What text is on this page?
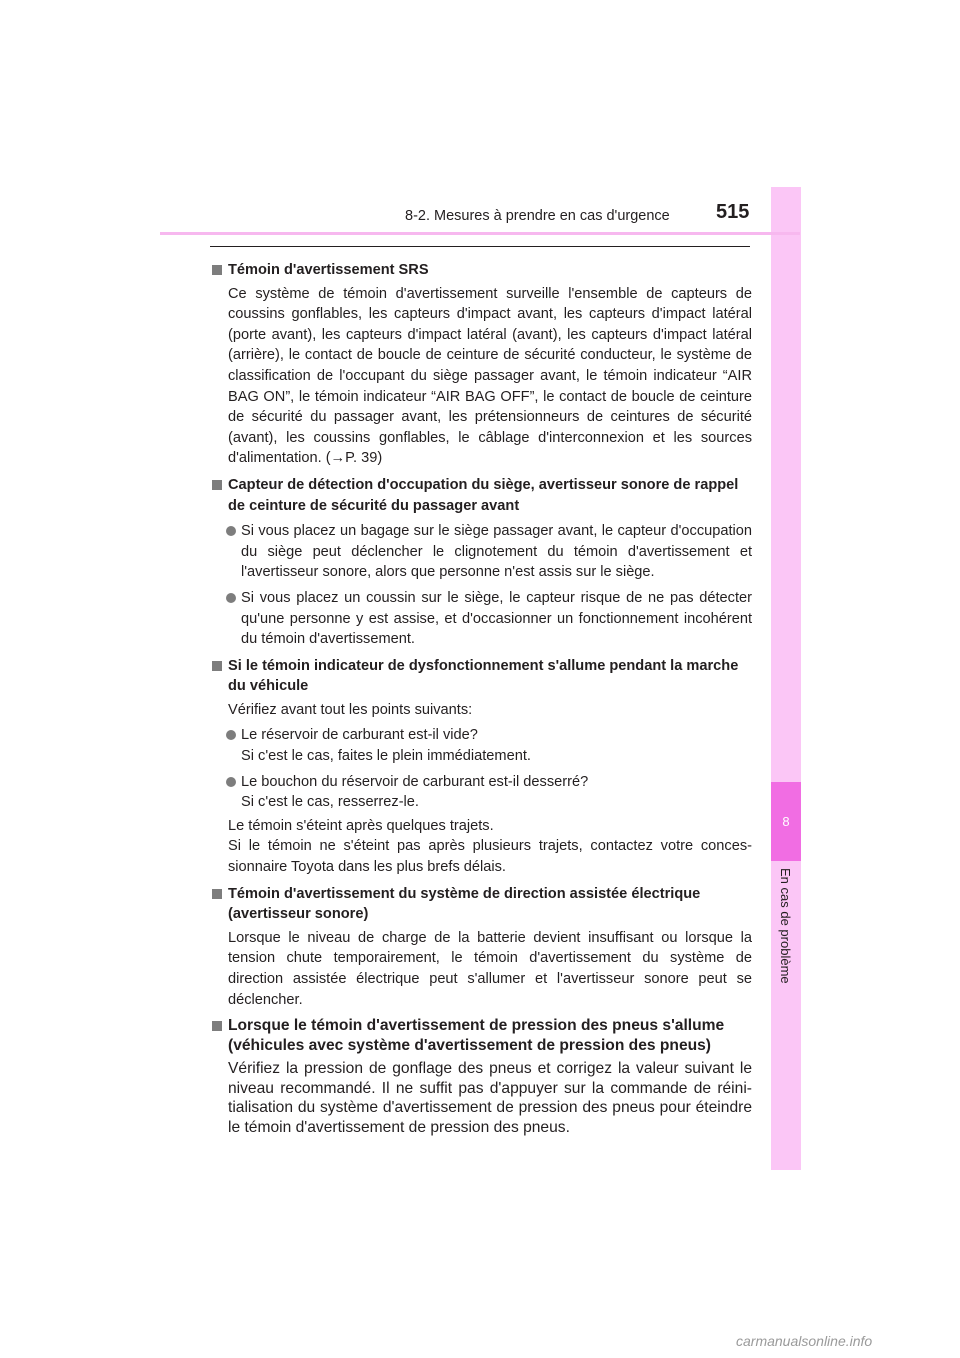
8
En cas de problème
8-2. Mesures à prendre en cas d'urgence 515
Témoin d'avertissement SRS

Ce système de témoin d'avertissement surveille l'ensemble de capteurs de coussins gonflables, les capteurs d'impact avant, les capteurs d'impact latéral (porte avant), les capteurs d'impact latéral (avant), les capteurs d'impact latéral (arrière), le contact de boucle de ceinture de sécurité conducteur, le système de classification de l'occupant du siège passager avant, le témoin indicateur “AIR BAG ON”, le témoin indicateur “AIR BAG OFF”, le contact de boucle de ceinture de sécurité du passager avant, les prétensionneurs de ceintures de sécurité (avant), les coussins gonflables, le câblage d'interconnexion et les sources d'alimentation. (→P. 39)

Capteur de détection d'occupation du siège, avertisseur sonore de rappel de ceinture de sécurité du passager avant
Si vous placez un bagage sur le siège passager avant, le capteur d'occupation du siège peut déclencher le clignotement du témoin d'avertissement et l'avertisseur sonore, alors que personne n'est assis sur le siège.
Si vous placez un coussin sur le siège, le capteur risque de ne pas détecter qu'une personne y est assise, et d'occasionner un fonctionnement incohérent du témoin d'avertissement.
Si le témoin indicateur de dysfonctionnement s'allume pendant la marche du véhicule

Vérifiez avant tout les points suivants:

Le réservoir de carburant est-il vide?
Si c'est le cas, faites le plein immédiatement.
Le bouchon du réservoir de carburant est-il desserré?
Si c'est le cas, resserrez-le.
Le témoin s'éteint après quelques trajets.
Si le témoin ne s'éteint pas après plusieurs trajets, contactez votre concessionnaire Toyota dans les plus brefs délais.
Témoin d'avertissement du système de direction assistée électrique (avertisseur sonore)

Lorsque le niveau de charge de la batterie devient insuffisant ou lorsque la tension chute temporairement, le témoin d'avertissement du système de direction assistée électrique peut s'allumer et l'avertisseur sonore peut se déclencher.

Lorsque le témoin d'avertissement de pression des pneus s'allume (véhicules avec système d'avertissement de pression des pneus)

Vérifiez la pression de gonflage des pneus et corrigez la valeur suivant le niveau recommandé. Il ne suffit pas d'appuyer sur la commande de réinitialisation du système d'avertissement de pression des pneus pour éteindre le témoin d'avertissement de pression des pneus.

carmanualsonline.info
